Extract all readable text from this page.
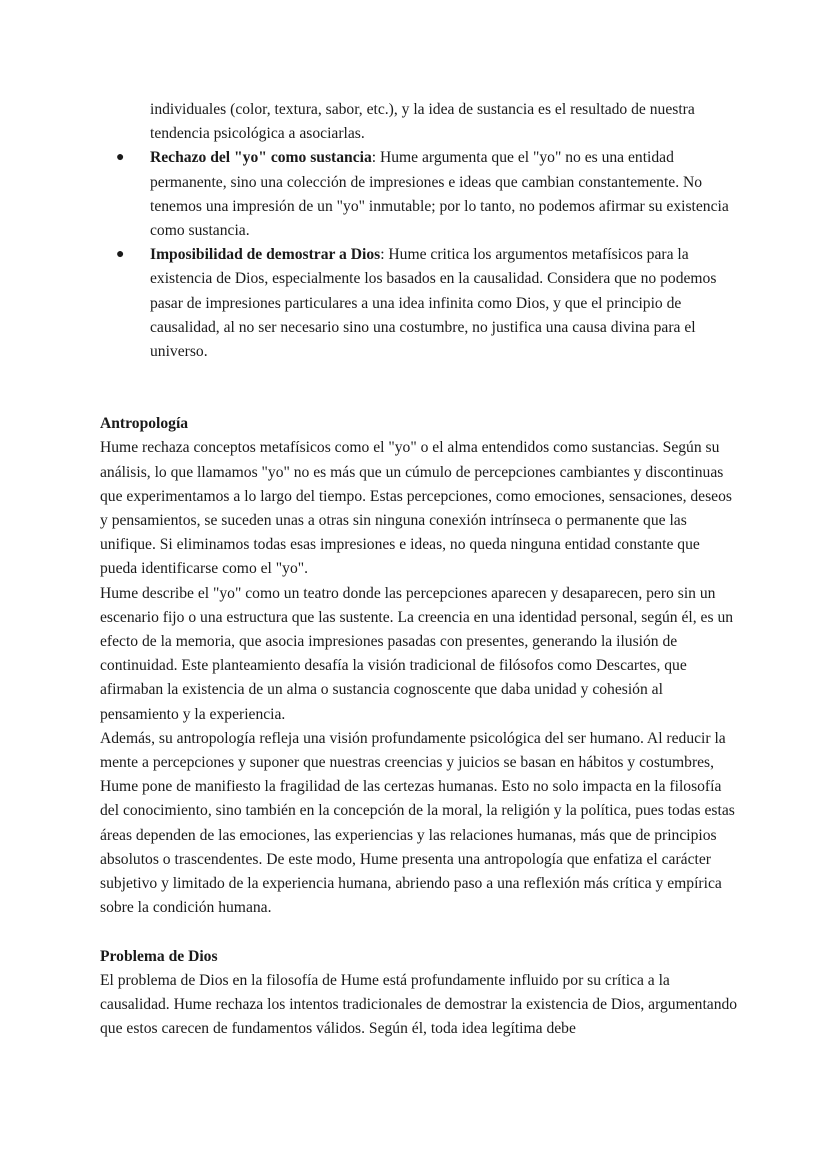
individuales (color, textura, sabor, etc.), y la idea de sustancia es el resultado de nuestra tendencia psicológica a asociarlas.

● Rechazo del "yo" como sustancia: Hume argumenta que el "yo" no es una entidad permanente, sino una colección de impresiones e ideas que cambian constantemente. No tenemos una impresión de un "yo" inmutable; por lo tanto, no podemos afirmar su existencia como sustancia.
● Imposibilidad de demostrar a Dios: Hume critica los argumentos metafísicos para la existencia de Dios, especialmente los basados en la causalidad. Considera que no podemos pasar de impresiones particulares a una idea infinita como Dios, y que el principio de causalidad, al no ser necesario sino una costumbre, no justifica una causa divina para el universo.
Antropología

Hume rechaza conceptos metafísicos como el "yo" o el alma entendidos como sustancias. Según su análisis, lo que llamamos "yo" no es más que un cúmulo de percepciones cambiantes y discontinuas que experimentamos a lo largo del tiempo. Estas percepciones, como emociones, sensaciones, deseos y pensamientos, se suceden unas a otras sin ninguna conexión intrínseca o permanente que las unifique. Si eliminamos todas esas impresiones e ideas, no queda ninguna entidad constante que pueda identificarse como el "yo".

Hume describe el "yo" como un teatro donde las percepciones aparecen y desaparecen, pero sin un escenario fijo o una estructura que las sustente. La creencia en una identidad personal, según él, es un efecto de la memoria, que asocia impresiones pasadas con presentes, generando la ilusión de continuidad. Este planteamiento desafía la visión tradicional de filósofos como Descartes, que afirmaban la existencia de un alma o sustancia cognoscente que daba unidad y cohesión al pensamiento y la experiencia.

Además, su antropología refleja una visión profundamente psicológica del ser humano. Al reducir la mente a percepciones y suponer que nuestras creencias y juicios se basan en hábitos y costumbres, Hume pone de manifiesto la fragilidad de las certezas humanas. Esto no solo impacta en la filosofía del conocimiento, sino también en la concepción de la moral, la religión y la política, pues todas estas áreas dependen de las emociones, las experiencias y las relaciones humanas, más que de principios absolutos o trascendentes. De este modo, Hume presenta una antropología que enfatiza el carácter subjetivo y limitado de la experiencia humana, abriendo paso a una reflexión más crítica y empírica sobre la condición humana.

Problema de Dios

El problema de Dios en la filosofía de Hume está profundamente influido por su crítica a la causalidad. Hume rechaza los intentos tradicionales de demostrar la existencia de Dios, argumentando que estos carecen de fundamentos válidos. Según él, toda idea legítima debe
